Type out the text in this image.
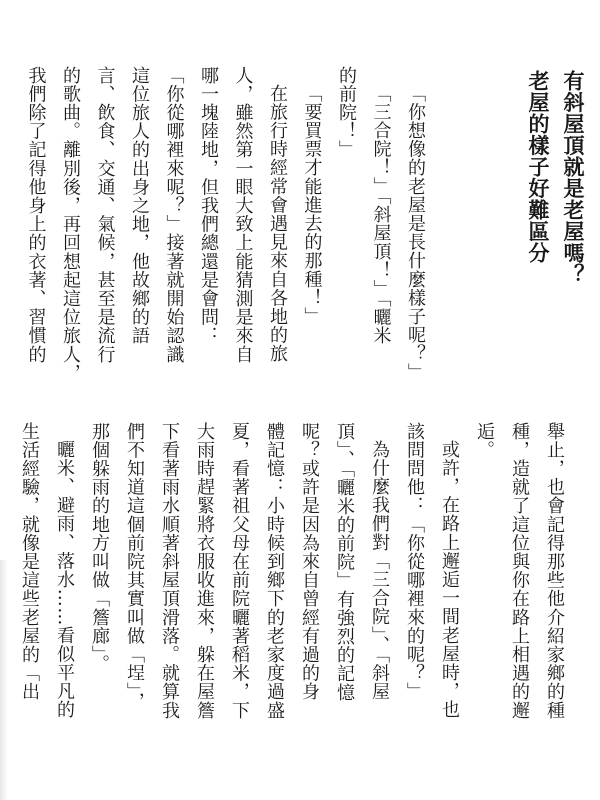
有斜屋頂就是老屋嗎？
老屋的樣子好難區分
「你想像的老屋是長什麼樣子呢？」
「三合院！」「斜屋頂！」「曬米
的前院！」
「要買票才能進去的那種！」
在旅行時經常會遇見來自各地的旅
人，雖然第一眼大致上能猜測是來自
哪一塊陸地，但我們總還是會問：
「你從哪裡來呢？」接著就開始認識
這位旅人的出身之地，他故鄉的語
言、飲食、交通、氣候，甚至是流行
的歌曲。離別後，再回想起這位旅人，
我們除了記得他身上的衣著、習慣的
舉止，也會記得那些他介紹家鄉的種
種，造就了這位與你在路上相遇的邂
逅。
或許，在路上邂逅一間老屋時，也
該問問他：「你從哪裡來的呢？」
為什麼我們對「三合院」、「斜屋
頂」、「曬米的前院」有強烈的記憶
呢？或許是因為來自曾經有過的身
體記憶：小時候到鄉下的老家度過盛
夏，看著祖父母在前院曬著稻米，下
大雨時趕緊將衣服收進來，躲在屋簷
下看著雨水順著斜屋頂滑落。就算我
們不知道這個前院其實叫做「埕」，
那個躲雨的地方叫做「簷廊」。
曬米、避雨、落水……看似平凡的
生活經驗，就像是這些老屋的「出
